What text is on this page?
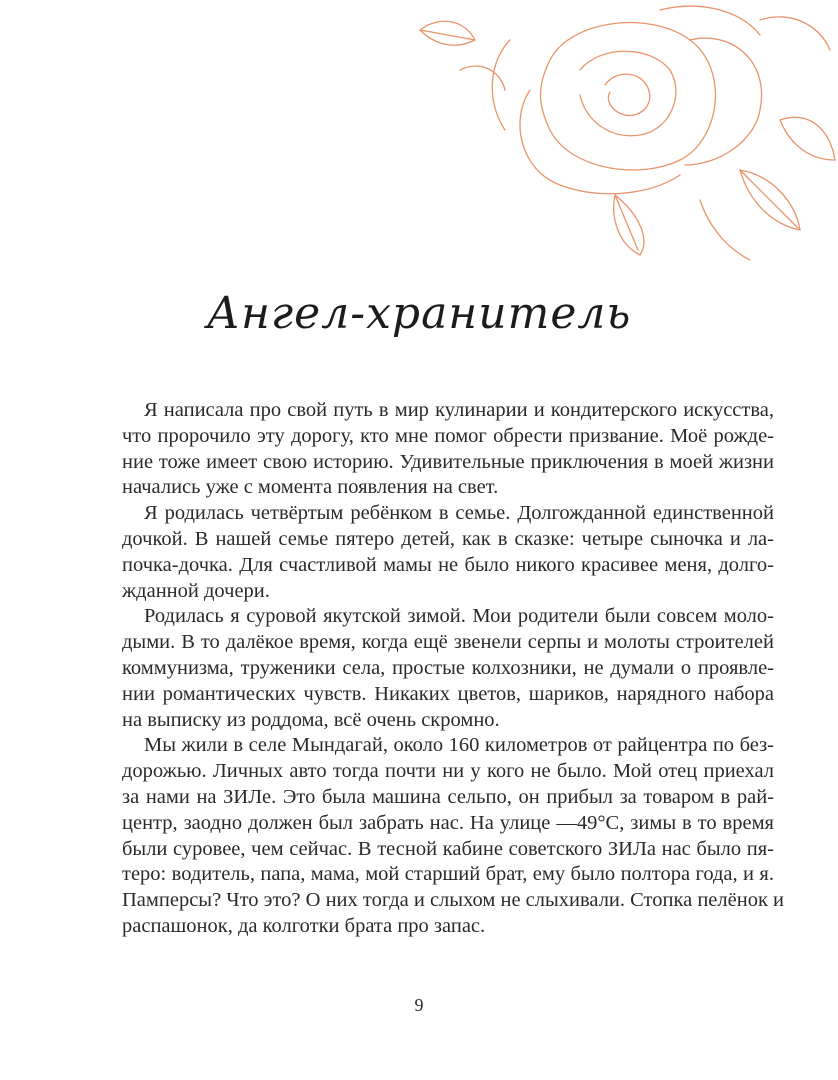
Ангел-хранитель
Я написала про свой путь в мир кулинарии и кондитерского искусства,
что пророчило эту дорогу, кто мне помог обрести призвание. Моё рожде-
ние тоже имеет свою историю. Удивительные приключения в моей жизни
начались уже с момента появления на свет.
Я родилась четвёртым ребёнком в семье. Долгожданной единственной
дочкой. В нашей семье пятеро детей, как в сказке: четыре сыночка и ла-
почка-дочка. Для счастливой мамы не было никого красивее меня, долго-
жданной дочери.
Родилась я суровой якутской зимой. Мои родители были совсем моло-
дыми. В то далёкое время, когда ещё звенели серпы и молоты строителей
коммунизма, труженики села, простые колхозники, не думали о проявле-
нии романтических чувств. Никаких цветов, шариков, нарядного набора
на выписку из роддома, всё очень скромно.
Мы жили в селе Мындагай, около 160 километров от райцентра по без-
дорожью. Личных авто тогда почти ни у кого не было. Мой отец приехал
за нами на ЗИЛе. Это была машина сельпо, он прибыл за товаром в рай-
центр, заодно должен был забрать нас. На улице —49°С, зимы в то время
были суровее, чем сейчас. В тесной кабине советского ЗИЛа нас было пя-
теро: водитель, папа, мама, мой старший брат, ему было полтора года, и я.
Памперсы? Что это? О них тогда и слыхом не слыхивали. Стопка пелёнок и
распашонок, да колготки брата про запас.
9
